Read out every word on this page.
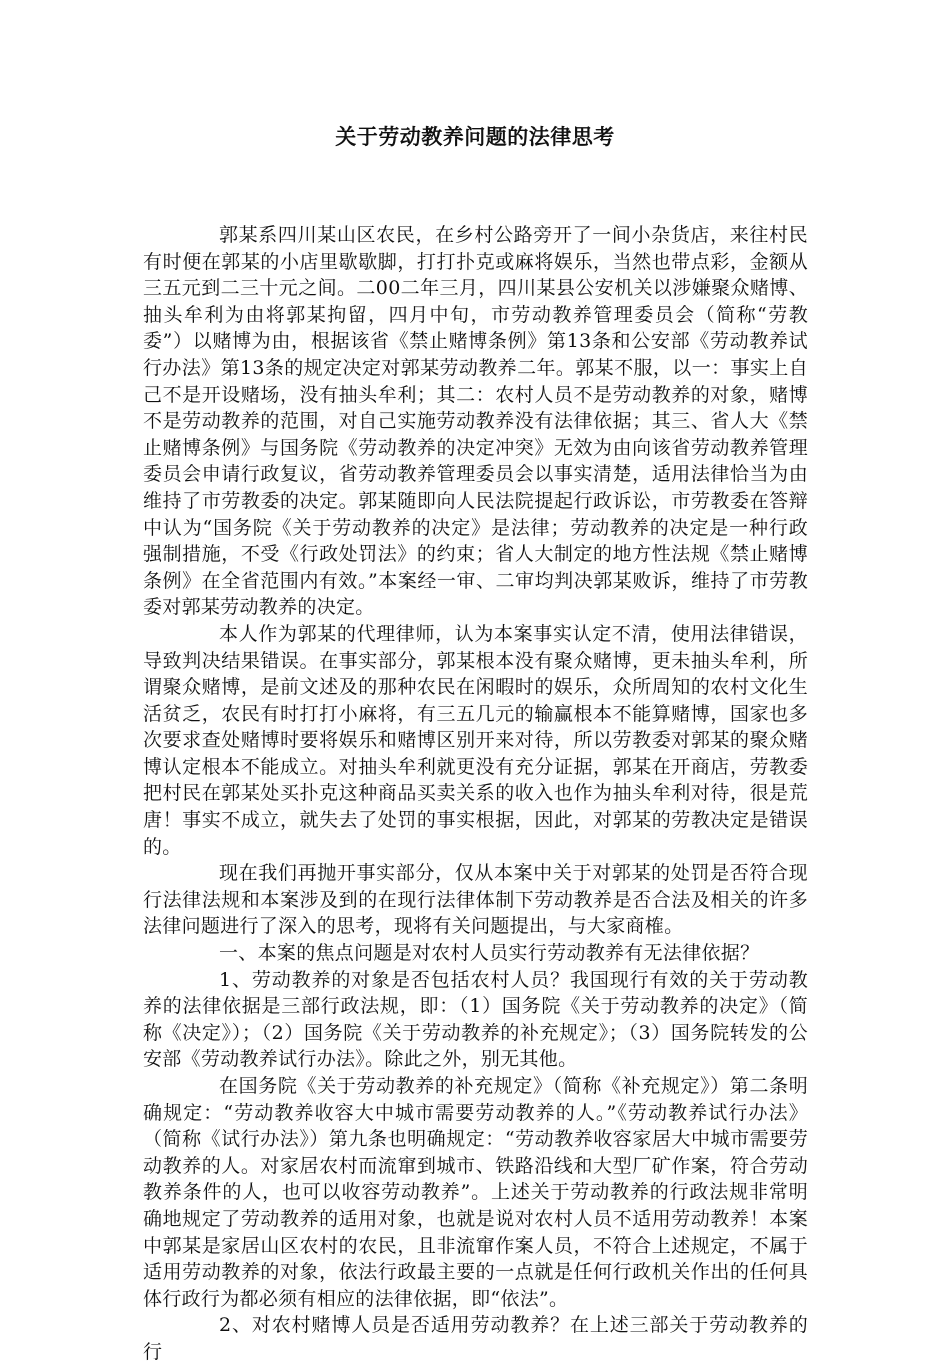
关于劳动教养问题的法律思考

郭某系四川某山区农民，在乡村公路旁开了一间小杂货店，来往村民有时便在郭某的小店里歇歇脚，打打扑克或麻将娱乐，当然也带点彩，金额从三五元到二三十元之间。二00二年三月，四川某县公安机关以涉嫌聚众赌博、抽头牟利为由将郭某拘留，四月中旬，市劳动教养管理委员会（简称“劳教委”）以赌博为由，根据该省《禁止赌博条例》第13条和公安部《劳动教养试行办法》第13条的规定决定对郭某劳动教养二年。郭某不服，以一：事实上自己不是开设赌场，没有抽头牟利；其二：农村人员不是劳动教养的对象，赌博不是劳动教养的范围，对自己实施劳动教养没有法律依据；其三、省人大《禁止赌博条例》与国务院《劳动教养的决定冲突》无效为由向该省劳动教养管理委员会申请行政复议，省劳动教养管理委员会以事实清楚，适用法律恰当为由维持了市劳教委的决定。郭某随即向人民法院提起行政诉讼，市劳教委在答辩中认为“国务院《关于劳动教养的决定》是法律；劳动教养的决定是一种行政强制措施，不受《行政处罚法》的约束；省人大制定的地方性法规《禁止赌博条例》在全省范围内有效。”本案经一审、二审均判决郭某败诉，维持了市劳教委对郭某劳动教养的决定。

本人作为郭某的代理律师，认为本案事实认定不清，使用法律错误，导致判决结果错误。在事实部分，郭某根本没有聚众赌博，更未抽头牟利，所谓聚众赌博，是前文述及的那种农民在闲暇时的娱乐，众所周知的农村文化生活贫乏，农民有时打打小麻将，有三五几元的输赢根本不能算赌博，国家也多次要求查处赌博时要将娱乐和赌博区别开来对待，所以劳教委对郭某的聚众赌博认定根本不能成立。对抽头牟利就更没有充分证据，郭某在开商店，劳教委把村民在郭某处买扑克这种商品买卖关系的收入也作为抽头牟利对待，很是荒唐！事实不成立，就失去了处罚的事实根据，因此，对郭某的劳教决定是错误的。

现在我们再抛开事实部分，仅从本案中关于对郭某的处罚是否符合现行法律法规和本案涉及到的在现行法律体制下劳动教养是否合法及相关的许多法律问题进行了深入的思考，现将有关问题提出，与大家商榷。

一、本案的焦点问题是对农村人员实行劳动教养有无法律依据？

1、劳动教养的对象是否包括农村人员？我国现行有效的关于劳动教养的法律依据是三部行政法规，即：（1）国务院《关于劳动教养的决定》（简称《决定》）；（2）国务院《关于劳动教养的补充规定》；（3）国务院转发的公安部《劳动教养试行办法》。除此之外，别无其他。

在国务院《关于劳动教养的补充规定》（简称《补充规定》）第二条明确规定：“劳动教养收容大中城市需要劳动教养的人。”《劳动教养试行办法》（简称《试行办法》）第九条也明确规定：“劳动教养收容家居大中城市需要劳动教养的人。对家居农村而流窜到城市、铁路沿线和大型厂矿作案，符合劳动教养条件的人，也可以收容劳动教养”。上述关于劳动教养的行政法规非常明确地规定了劳动教养的适用对象，也就是说对农村人员不适用劳动教养！本案中郭某是家居山区农村的农民，且非流窜作案人员，不符合上述规定，不属于适用劳动教养的对象，依法行政最主要的一点就是任何行政机关作出的任何具体行政行为都必须有相应的法律依据，即“依法”。

2、对农村赌博人员是否适用劳动教养？在上述三部关于劳动教养的行
